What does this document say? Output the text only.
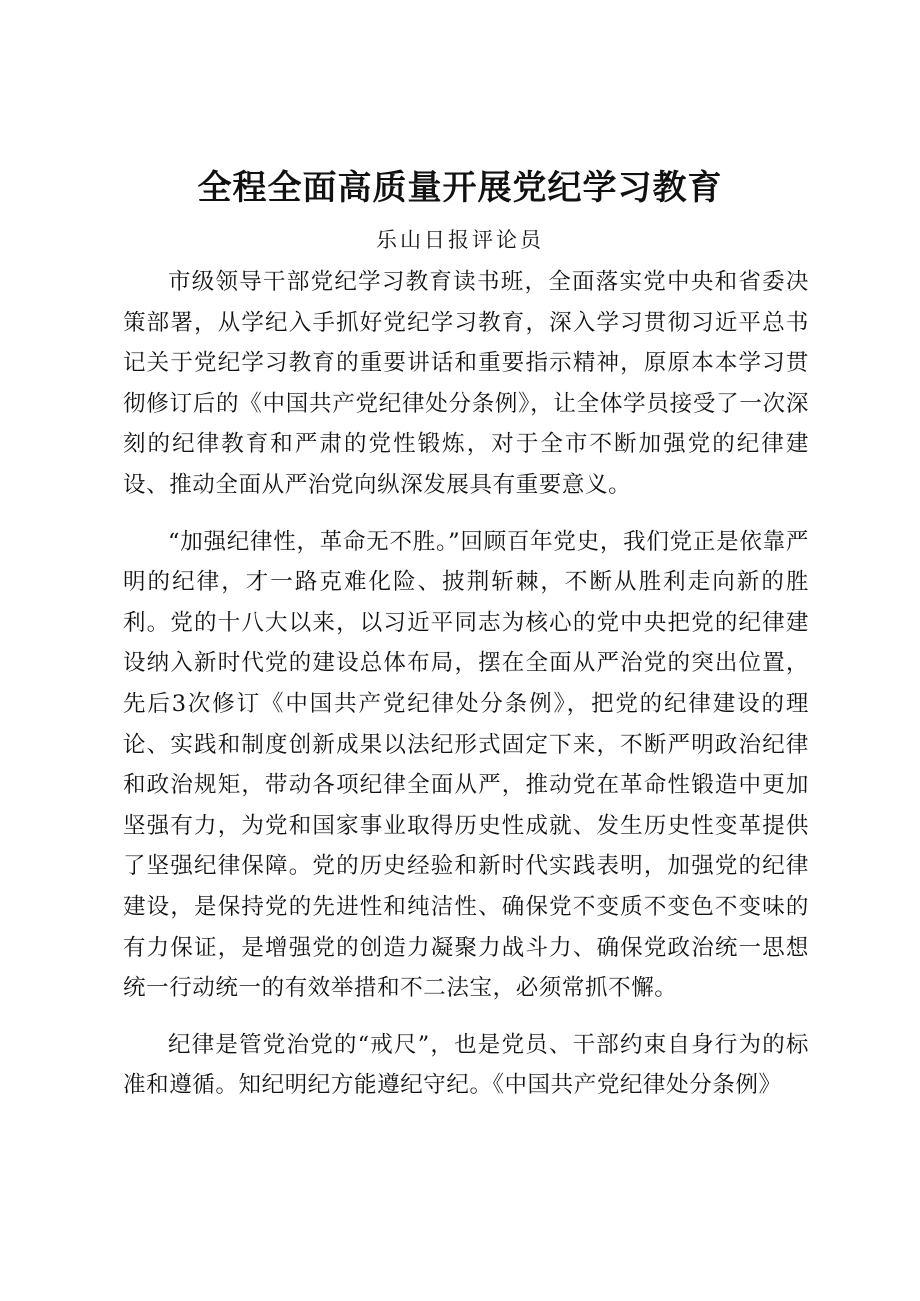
全程全面高质量开展党纪学习教育

乐山日报评论员

市级领导干部党纪学习教育读书班，全面落实党中央和省委决策部署，从学纪入手抓好党纪学习教育，深入学习贯彻习近平总书记关于党纪学习教育的重要讲话和重要指示精神，原原本本学习贯彻修订后的《中国共产党纪律处分条例》，让全体学员接受了一次深刻的纪律教育和严肃的党性锻炼，对于全市不断加强党的纪律建设、推动全面从严治党向纵深发展具有重要意义。

“加强纪律性，革命无不胜。”回顾百年党史，我们党正是依靠严明的纪律，才一路克难化险、披荆斩棘，不断从胜利走向新的胜利。党的十八大以来，以习近平同志为核心的党中央把党的纪律建设纳入新时代党的建设总体布局，摆在全面从严治党的突出位置，先后3次修订《中国共产党纪律处分条例》，把党的纪律建设的理论、实践和制度创新成果以法纪形式固定下来，不断严明政治纪律和政治规矩，带动各项纪律全面从严，推动党在革命性锻造中更加坚强有力，为党和国家事业取得历史性成就、发生历史性变革提供了坚强纪律保障。党的历史经验和新时代实践表明，加强党的纪律建设，是保持党的先进性和纯洁性、确保党不变质不变色不变味的有力保证，是增强党的创造力凝聚力战斗力、确保党政治统一思想统一行动统一的有效举措和不二法宝，必须常抓不懈。

纪律是管党治党的“戒尺”，也是党员、干部约束自身行为的标准和遵循。知纪明纪方能遵纪守纪。《中国共产党纪律处分条例》
